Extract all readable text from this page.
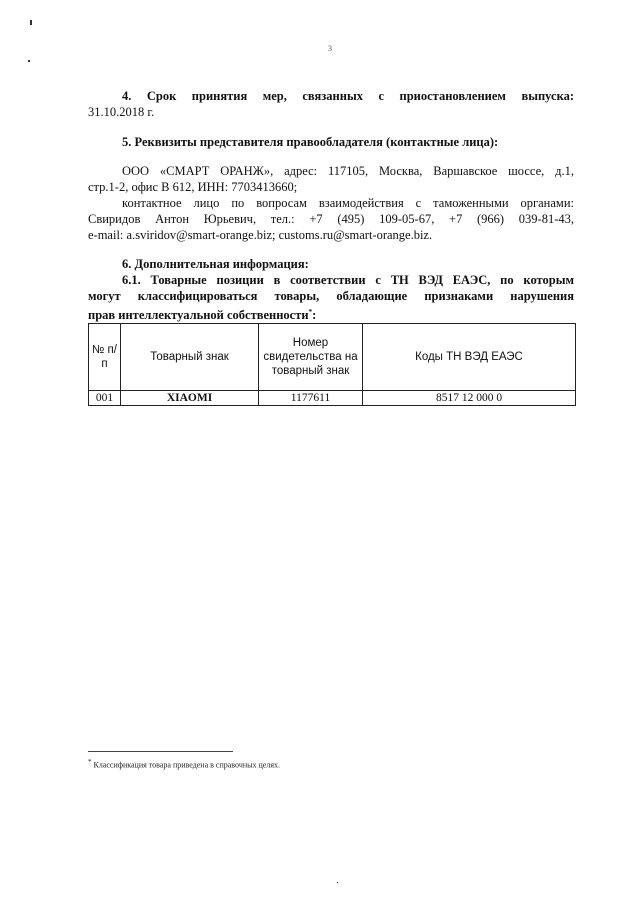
3
4. Срок принятия мер, связанных с приостановлением выпуска:
31.10.2018 г.
5. Реквизиты представителя правообладателя (контактные лица):
ООО «СМАРТ ОРАНЖ», адрес: 117105, Москва, Варшавское шоссе, д.1,
стр.1-2, офис В 612, ИНН: 7703413660;
контактное лицо по вопросам взаимодействия с таможенными органами:
Свиридов Антон Юрьевич, тел.: +7 (495) 109-05-67, +7 (966) 039-81-43,
e-mail: a.sviridov@smart-orange.biz; customs.ru@smart-orange.biz.
6. Дополнительная информация:
6.1. Товарные позиции в соответствии с ТН ВЭД ЕАЭС, по которым
могут классифицироваться товары, обладающие признаками нарушения
прав интеллектуальной собственности*:
№ п/п	Товарный знак	Номер свидетельства на товарный знак	Коды ТН ВЭД ЕАЭС
001	XIAOMI	1177611	8517 12 000 0
* Классификация товара приведена в справочных целях.
